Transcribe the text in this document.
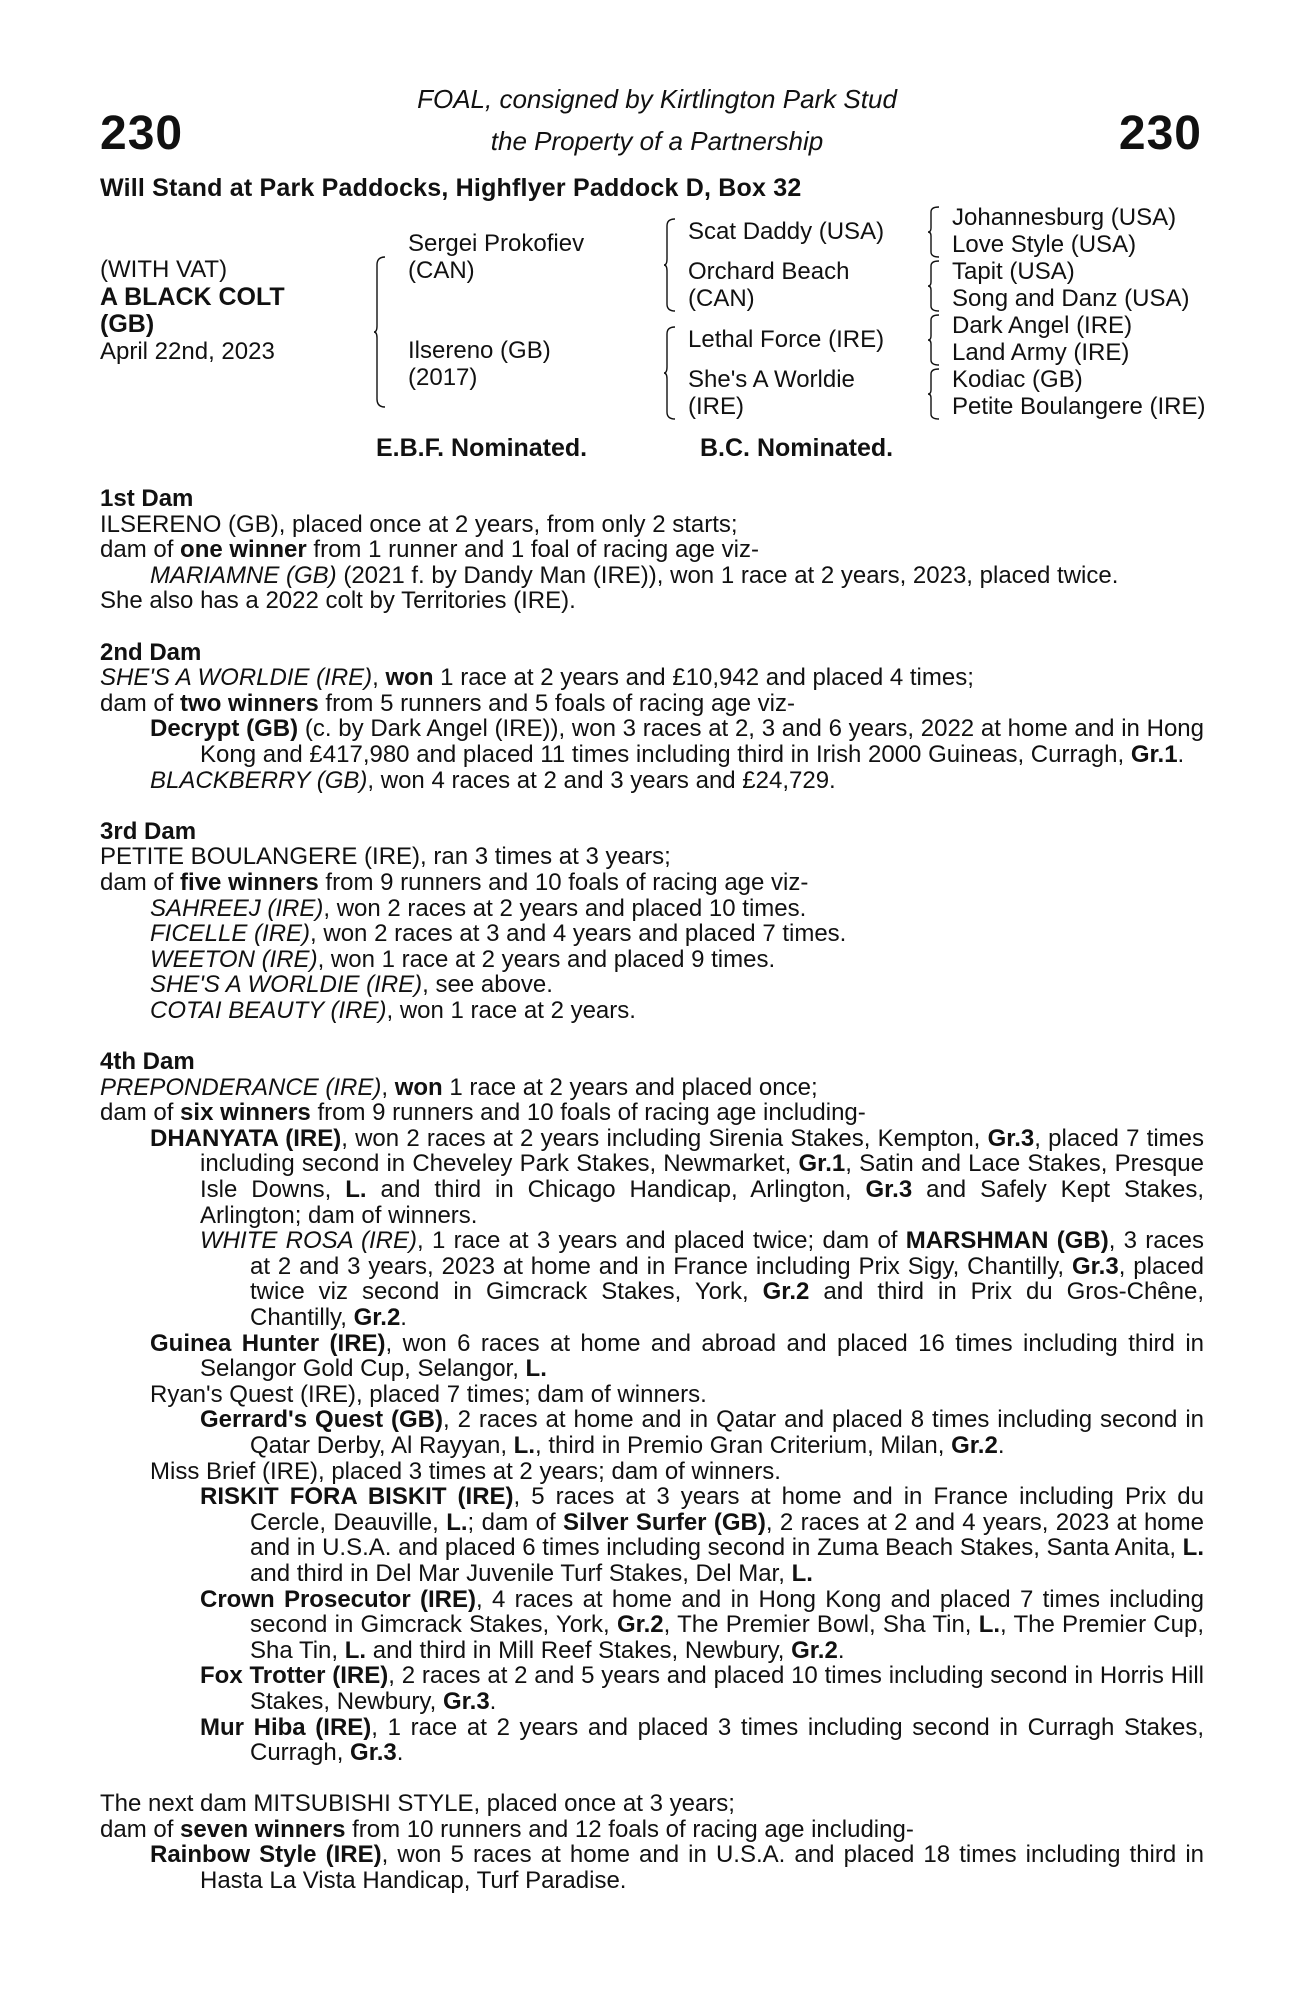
230	230
FOAL, consigned by Kirtlington Park Stud
the Property of a Partnership
Will Stand at Park Paddocks, Highflyer Paddock D, Box 32
(WITH VAT)
A BLACK COLT
(GB)
April 22nd, 2023
Sergei Prokofiev
(CAN)
Ilsereno (GB)
(2017)
Scat Daddy (USA)
Orchard Beach
(CAN)
Lethal Force (IRE)
She's A Worldie
(IRE)
Johannesburg (USA)
Love Style (USA)
Tapit (USA)
Song and Danz (USA)
Dark Angel (IRE)
Land Army (IRE)
Kodiac (GB)
Petite Boulangere (IRE)
E.B.F. Nominated.	B.C. Nominated.
1st Dam
ILSERENO (GB), placed once at 2 years, from only 2 starts;
dam of one winner from 1 runner and 1 foal of racing age viz-
MARIAMNE (GB) (2021 f. by Dandy Man (IRE)), won 1 race at 2 years, 2023, placed twice.
She also has a 2022 colt by Territories (IRE).
2nd Dam
SHE'S A WORLDIE (IRE), won 1 race at 2 years and £10,942 and placed 4 times;
dam of two winners from 5 runners and 5 foals of racing age viz-
Decrypt (GB) (c. by Dark Angel (IRE)), won 3 races at 2, 3 and 6 years, 2022 at home and in Hong Kong and £417,980 and placed 11 times including third in Irish 2000 Guineas, Curragh, Gr.1.
BLACKBERRY (GB), won 4 races at 2 and 3 years and £24,729.
3rd Dam
PETITE BOULANGERE (IRE), ran 3 times at 3 years;
dam of five winners from 9 runners and 10 foals of racing age viz-
SAHREEJ (IRE), won 2 races at 2 years and placed 10 times.
FICELLE (IRE), won 2 races at 3 and 4 years and placed 7 times.
WEETON (IRE), won 1 race at 2 years and placed 9 times.
SHE'S A WORLDIE (IRE), see above.
COTAI BEAUTY (IRE), won 1 race at 2 years.
4th Dam
PREPONDERANCE (IRE), won 1 race at 2 years and placed once;
dam of six winners from 9 runners and 10 foals of racing age including-
DHANYATA (IRE), won 2 races at 2 years including Sirenia Stakes, Kempton, Gr.3, placed 7 times including second in Cheveley Park Stakes, Newmarket, Gr.1, Satin and Lace Stakes, Presque Isle Downs, L. and third in Chicago Handicap, Arlington, Gr.3 and Safely Kept Stakes, Arlington; dam of winners.
WHITE ROSA (IRE), 1 race at 3 years and placed twice; dam of MARSHMAN (GB), 3 races at 2 and 3 years, 2023 at home and in France including Prix Sigy, Chantilly, Gr.3, placed twice viz second in Gimcrack Stakes, York, Gr.2 and third in Prix du Gros-Chêne, Chantilly, Gr.2.
Guinea Hunter (IRE), won 6 races at home and abroad and placed 16 times including third in Selangor Gold Cup, Selangor, L.
Ryan's Quest (IRE), placed 7 times; dam of winners.
Gerrard's Quest (GB), 2 races at home and in Qatar and placed 8 times including second in Qatar Derby, Al Rayyan, L., third in Premio Gran Criterium, Milan, Gr.2.
Miss Brief (IRE), placed 3 times at 2 years; dam of winners.
RISKIT FORA BISKIT (IRE), 5 races at 3 years at home and in France including Prix du Cercle, Deauville, L.; dam of Silver Surfer (GB), 2 races at 2 and 4 years, 2023 at home and in U.S.A. and placed 6 times including second in Zuma Beach Stakes, Santa Anita, L. and third in Del Mar Juvenile Turf Stakes, Del Mar, L.
Crown Prosecutor (IRE), 4 races at home and in Hong Kong and placed 7 times including second in Gimcrack Stakes, York, Gr.2, The Premier Bowl, Sha Tin, L., The Premier Cup, Sha Tin, L. and third in Mill Reef Stakes, Newbury, Gr.2.
Fox Trotter (IRE), 2 races at 2 and 5 years and placed 10 times including second in Horris Hill Stakes, Newbury, Gr.3.
Mur Hiba (IRE), 1 race at 2 years and placed 3 times including second in Curragh Stakes, Curragh, Gr.3.
The next dam MITSUBISHI STYLE, placed once at 3 years;
dam of seven winners from 10 runners and 12 foals of racing age including-
Rainbow Style (IRE), won 5 races at home and in U.S.A. and placed 18 times including third in Hasta La Vista Handicap, Turf Paradise.
